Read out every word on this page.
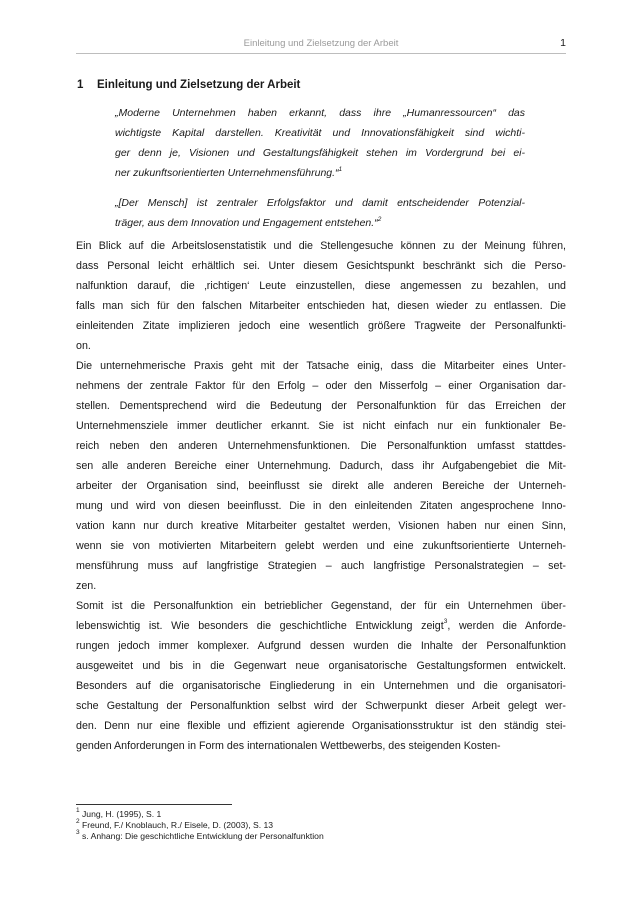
Einleitung und Zielsetzung der Arbeit	1
1 Einleitung und Zielsetzung der Arbeit
„Moderne Unternehmen haben erkannt, dass ihre „Humanressourcen“ das
wichtigste Kapital darstellen. Kreativität und Innovationsfähigkeit sind wichti-
ger denn je, Visionen und Gestaltungsfähigkeit stehen im Vordergrund bei ei-
ner zukunftsorientierten Unternehmensführung.“$^1$
„[Der Mensch] ist zentraler Erfolgsfaktor und damit entscheidender Potenzial-
träger, aus dem Innovation und Engagement entstehen.“$^2$
Ein Blick auf die Arbeitslosenstatistik und die Stellengesuche können zu der Meinung führen,
dass Personal leicht erhältlich sei. Unter diesem Gesichtspunkt beschränkt sich die Perso-
nalfunktion darauf, die ‚richtigen‘ Leute einzustellen, diese angemessen zu bezahlen, und
falls man sich für den falschen Mitarbeiter entschieden hat, diesen wieder zu entlassen. Die
einleitenden Zitate implizieren jedoch eine wesentlich größere Tragweite der Personalfunkti-
on.
Die unternehmerische Praxis geht mit der Tatsache einig, dass die Mitarbeiter eines Unter-
nehmens der zentrale Faktor für den Erfolg – oder den Misserfolg – einer Organisation dar-
stellen. Dementsprechend wird die Bedeutung der Personalfunktion für das Erreichen der
Unternehmensziele immer deutlicher erkannt. Sie ist nicht einfach nur ein funktionaler Be-
reich neben den anderen Unternehmensfunktionen. Die Personalfunktion umfasst stattdes-
sen alle anderen Bereiche einer Unternehmung. Dadurch, dass ihr Aufgabengebiet die Mit-
arbeiter der Organisation sind, beeinflusst sie direkt alle anderen Bereiche der Unterneh-
mung und wird von diesen beeinflusst. Die in den einleitenden Zitaten angesprochene Inno-
vation kann nur durch kreative Mitarbeiter gestaltet werden, Visionen haben nur einen Sinn,
wenn sie von motivierten Mitarbeitern gelebt werden und eine zukunftsorientierte Unterneh-
mensführung muss auf langfristige Strategien – auch langfristige Personalstrategien – set-
zen.
Somit ist die Personalfunktion ein betrieblicher Gegenstand, der für ein Unternehmen über-
lebenswichtig ist. Wie besonders die geschichtliche Entwicklung zeigt$^3$, werden die Anforde-
rungen jedoch immer komplexer. Aufgrund dessen wurden die Inhalte der Personalfunktion
ausgeweitet und bis in die Gegenwart neue organisatorische Gestaltungsformen entwickelt.
Besonders auf die organisatorische Eingliederung in ein Unternehmen und die organisatori-
sche Gestaltung der Personalfunktion selbst wird der Schwerpunkt dieser Arbeit gelegt wer-
den. Denn nur eine flexible und effizient agierende Organisationsstruktur ist den ständig stei-
genden Anforderungen in Form des internationalen Wettbewerbs, des steigenden Kosten-
$^1$ Jung, H. (1995), S. 1
$^2$ Freund, F./ Knoblauch, R./ Eisele, D. (2003), S. 13
$^3$ s. Anhang: Die geschichtliche Entwicklung der Personalfunktion
